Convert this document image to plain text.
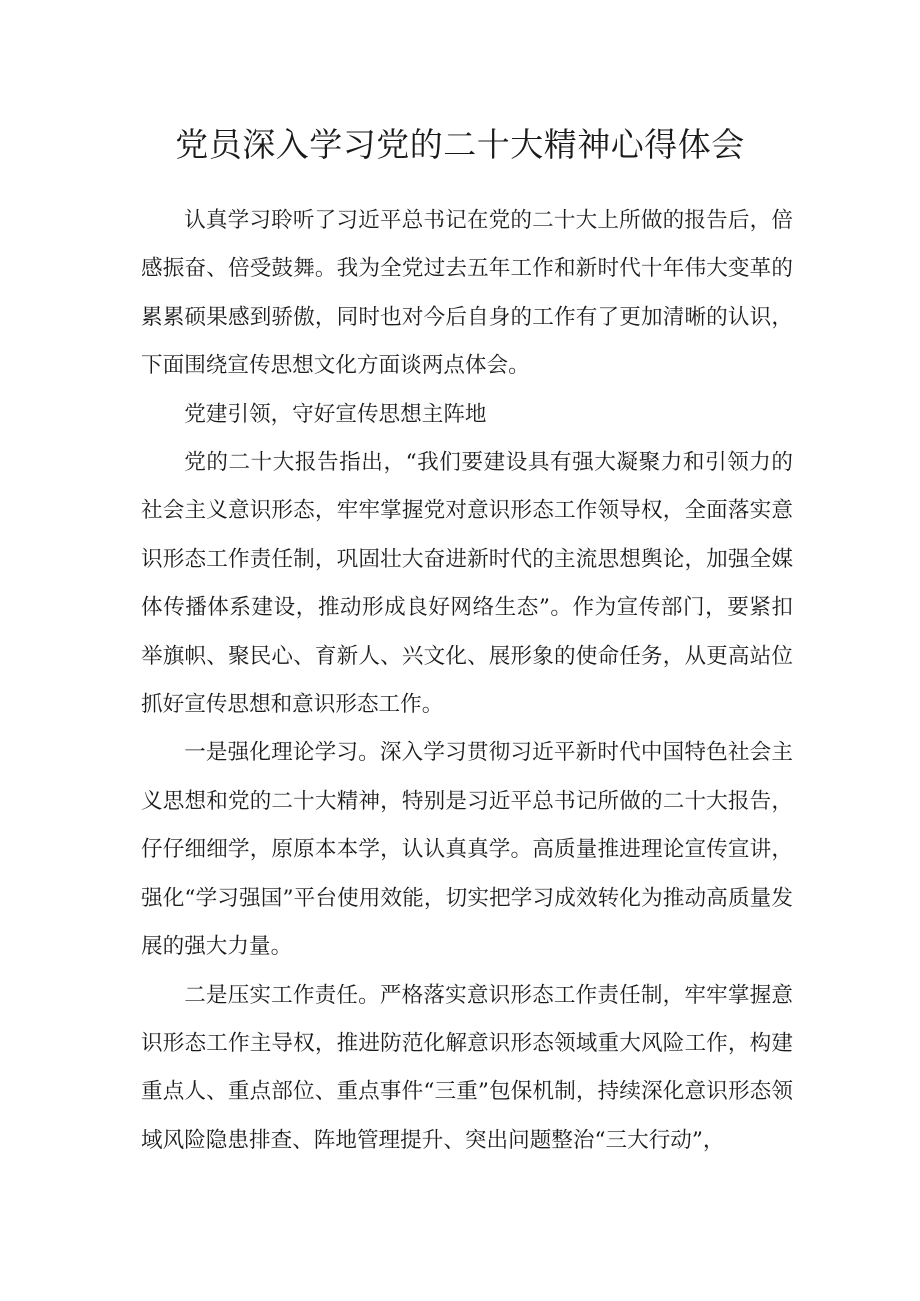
党员深入学习党的二十大精神心得体会

认真学习聆听了习近平总书记在党的二十大上所做的报告后，倍感振奋、倍受鼓舞。我为全党过去五年工作和新时代十年伟大变革的累累硕果感到骄傲，同时也对今后自身的工作有了更加清晰的认识，下面围绕宣传思想文化方面谈两点体会。

党建引领，守好宣传思想主阵地

党的二十大报告指出，“我们要建设具有强大凝聚力和引领力的社会主义意识形态，牢牢掌握党对意识形态工作领导权，全面落实意识形态工作责任制，巩固壮大奋进新时代的主流思想舆论，加强全媒体传播体系建设，推动形成良好网络生态”。作为宣传部门，要紧扣举旗帜、聚民心、育新人、兴文化、展形象的使命任务，从更高站位抓好宣传思想和意识形态工作。

一是强化理论学习。深入学习贯彻习近平新时代中国特色社会主义思想和党的二十大精神，特别是习近平总书记所做的二十大报告，仔仔细细学，原原本本学，认认真真学。高质量推进理论宣传宣讲，强化“学习强国”平台使用效能，切实把学习成效转化为推动高质量发展的强大力量。

二是压实工作责任。严格落实意识形态工作责任制，牢牢掌握意识形态工作主导权，推进防范化解意识形态领域重大风险工作，构建重点人、重点部位、重点事件“三重”包保机制，持续深化意识形态领域风险隐患排查、阵地管理提升、突出问题整治“三大行动”，
